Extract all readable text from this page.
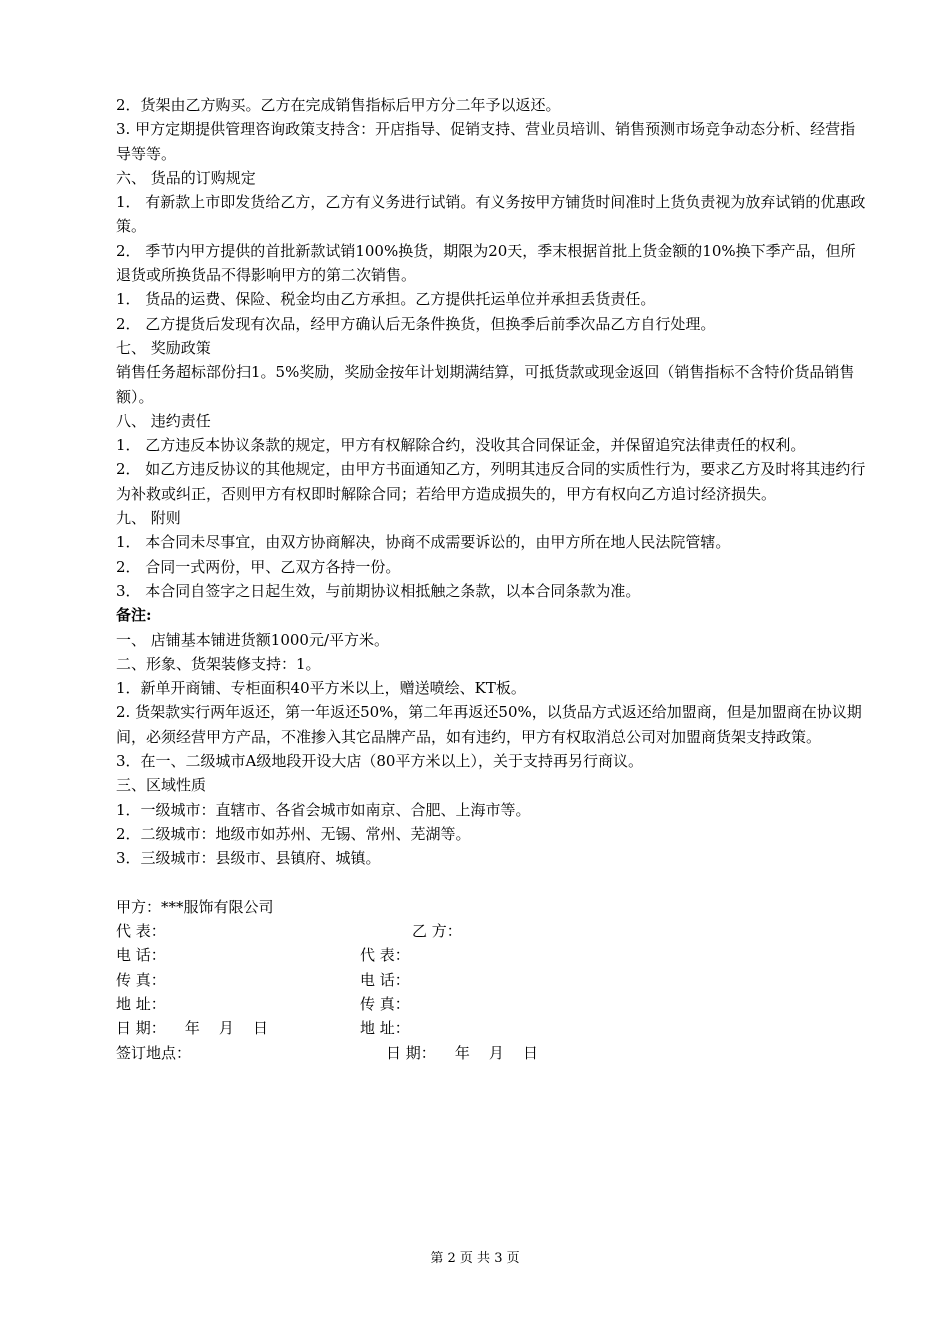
2．货架由乙方购买。乙方在完成销售指标后甲方分二年予以返还。

3. 甲方定期提供管理咨询政策支持含：开店指导、促销支持、营业员培训、销售预测市场竞争动态分析、经营指导等等。

六、 货品的订购规定

1． 有新款上市即发货给乙方，乙方有义务进行试销。有义务按甲方铺货时间准时上货负责视为放弃试销的优惠政策。

2． 季节内甲方提供的首批新款试销100%换货，期限为20天，季末根据首批上货金额的10%换下季产品，但所退货或所换货品不得影响甲方的第二次销售。

1． 货品的运费、保险、税金均由乙方承担。乙方提供托运单位并承担丢货责任。

2． 乙方提货后发现有次品，经甲方确认后无条件换货，但换季后前季次品乙方自行处理。

七、 奖励政策

销售任务超标部份扫1。5%奖励，奖励金按年计划期满结算，可抵货款或现金返回（销售指标不含特价货品销售额）。

八、 违约责任

1． 乙方违反本协议条款的规定，甲方有权解除合约，没收其合同保证金，并保留追究法律责任的权利。

2． 如乙方违反协议的其他规定，由甲方书面通知乙方，列明其违反合同的实质性行为，要求乙方及时将其违约行为补救或纠正，否则甲方有权即时解除合同；若给甲方造成损失的，甲方有权向乙方追讨经济损失。

九、 附则

1． 本合同未尽事宜，由双方协商解决，协商不成需要诉讼的，由甲方所在地人民法院管辖。

2． 合同一式两份，甲、乙双方各持一份。

3． 本合同自签字之日起生效，与前期协议相抵触之条款，以本合同条款为准。

备注:

一、 店铺基本铺进货额1000元/平方米。

二、形象、货架装修支持：1。

1．新单开商铺、专柜面积40平方米以上，赠送喷绘、KT板。

2. 货架款实行两年返还，第一年返还50%，第二年再返还50%，以货品方式返还给加盟商，但是加盟商在协议期间，必须经营甲方产品，不准掺入其它品牌产品，如有违约，甲方有权取消总公司对加盟商货架支持政策。

3．在一、二级城市A级地段开设大店（80平方米以上），关于支持再另行商议。

三、区域性质

1．一级城市：直辖市、各省会城市如南京、合肥、上海市等。

2．二级城市：地级市如苏州、无锡、常州、芜湖等。

3．三级城市：县级市、县镇府、城镇。

甲方：***服饰有限公司

乙 方：

代 表：

代 表：

电 话：

电 话：

传 真：

传 真：

地 址：

地 址：

日 期：    年    月    日

日 期：    年    月    日

签订地点：

第 2 页 共 3 页
